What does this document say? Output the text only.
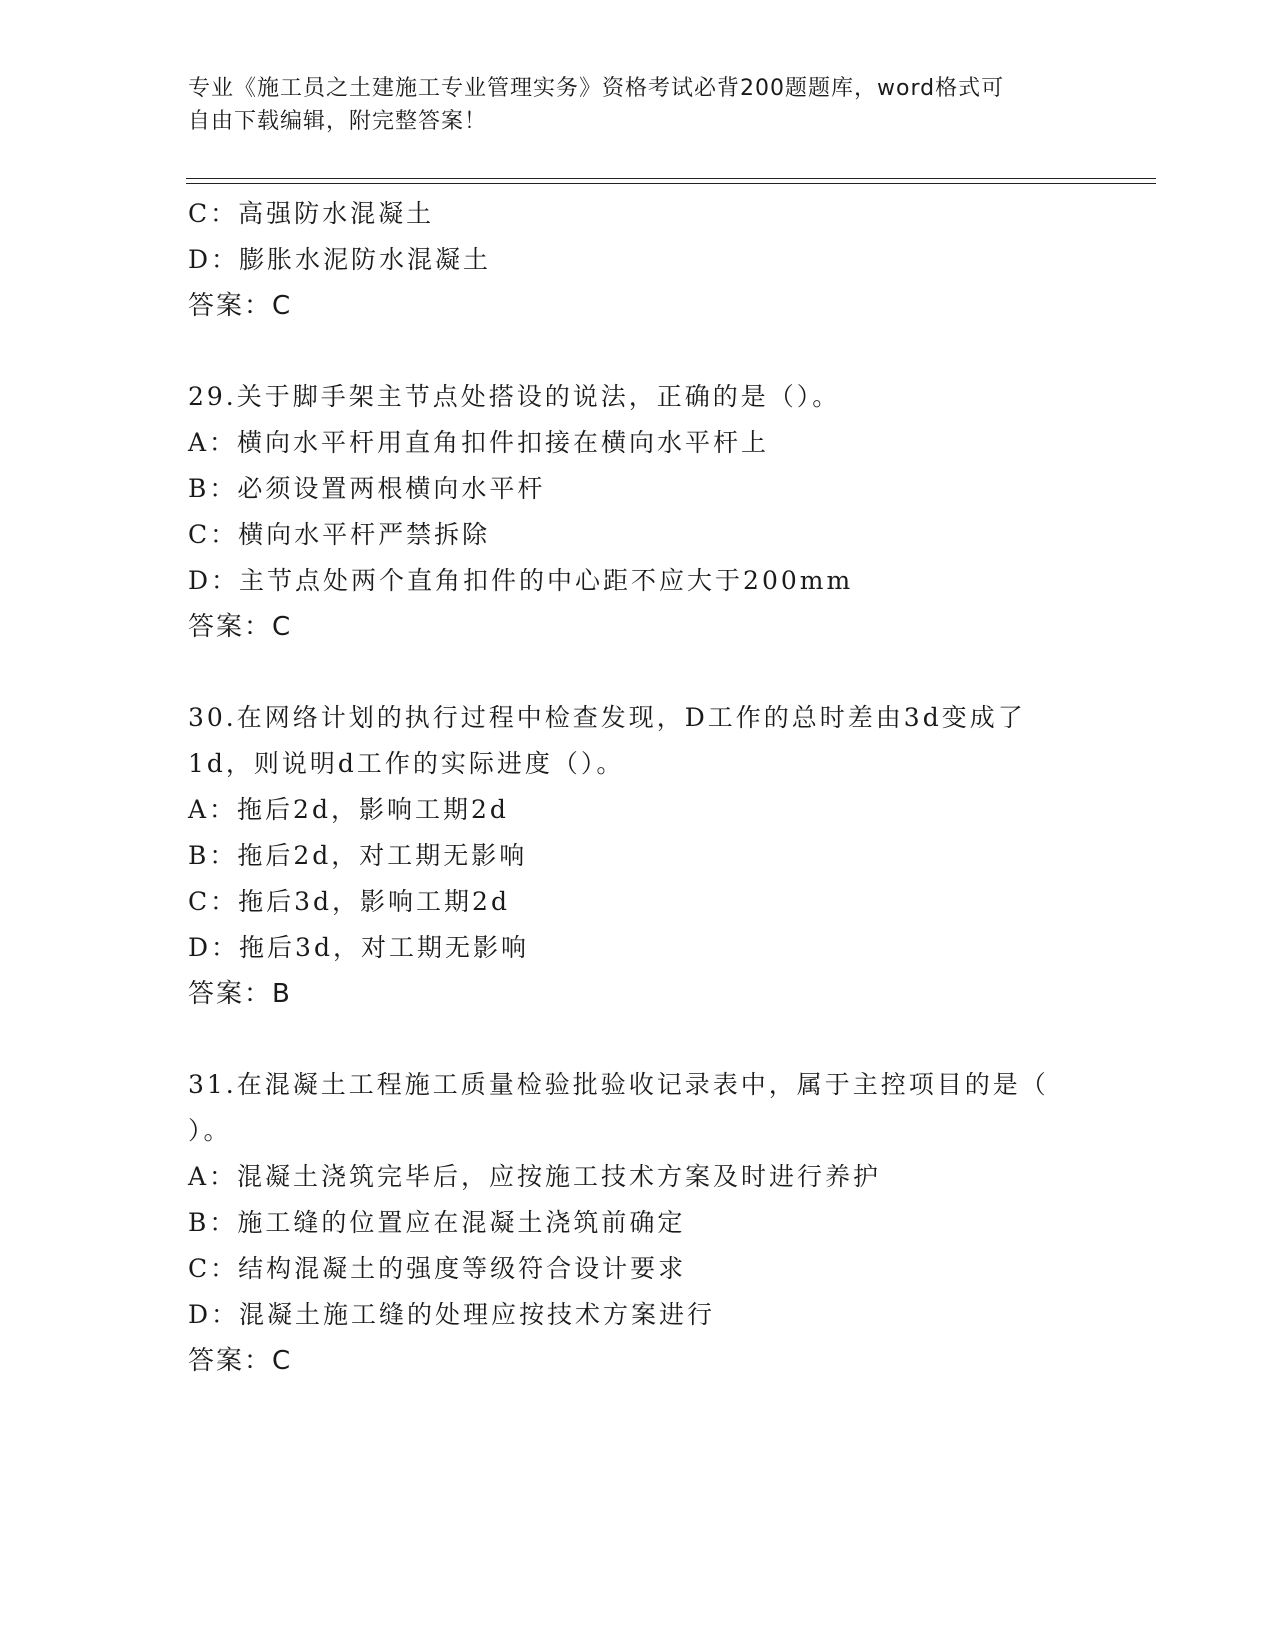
专业《施工员之土建施工专业管理实务》资格考试必背200题题库，word格式可
自由下载编辑，附完整答案！
C：高强防水混凝土
D：膨胀水泥防水混凝土
答案：C
29.关于脚手架主节点处搭设的说法，正确的是（）。
A：横向水平杆用直角扣件扣接在横向水平杆上
B：必须设置两根横向水平杆
C：横向水平杆严禁拆除
D：主节点处两个直角扣件的中心距不应大于200mm
答案：C
30.在网络计划的执行过程中检查发现，D工作的总时差由3d变成了
1d，则说明d工作的实际进度（）。
A：拖后2d，影响工期2d
B：拖后2d，对工期无影响
C：拖后3d，影响工期2d
D：拖后3d，对工期无影响
答案：B
31.在混凝土工程施工质量检验批验收记录表中，属于主控项目的是（
）。
A：混凝土浇筑完毕后，应按施工技术方案及时进行养护
B：施工缝的位置应在混凝土浇筑前确定
C：结构混凝土的强度等级符合设计要求
D：混凝土施工缝的处理应按技术方案进行
答案：C
